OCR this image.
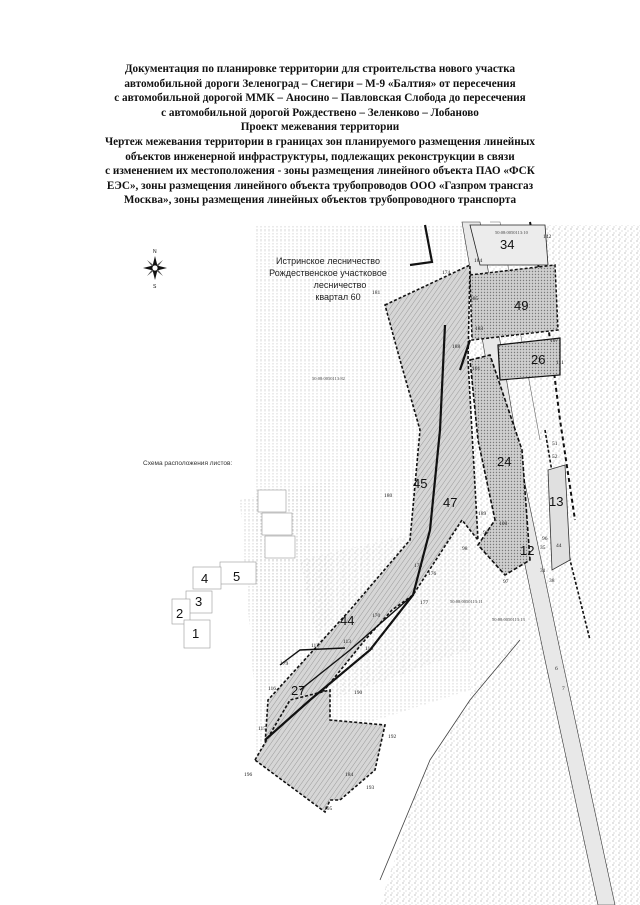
Документация по планировке территории для строительства нового участка
автомобильной дороги Зеленоград – Снегири – М-9 «Балтия» от пересечения
с автомобильной дорогой ММК – Аносино – Павловская Слобода до пересечения
с автомобильной дорогой Рождествено – Зеленково – Лобаново
Проект межевания территории
Чертеж межевания территории в границах зон планируемого размещения линейных
объектов инженерной инфраструктуры, подлежащих реконструкции в связи
с изменением их местоположения - зоны размещения линейного объекта ПАО «ФСК
ЕЭС», зоны размещения линейного объекта трубопроводов ООО «Газпром трансгаз
Москва», зоны размещения линейных объектов трубопроводного транспорта
N
S
Истринское лесничество
Рождественское участковое
лесничество
квартал 60
Схема расположения листов:
4 5
3
2
1
50:08:0050113:82
50:08:0050113:11
50:08:0050113:13
50:08:0050113:10
34
49
26
24
45
47
44
27
13
12
142
184
174
185
181
183
188
101
197
111
180
189
99
100
98
97
176
177
175
170
112
113
116
179
116
190
115
196
192
184
193
195
51
52
35 44
31
38
96
6
7
